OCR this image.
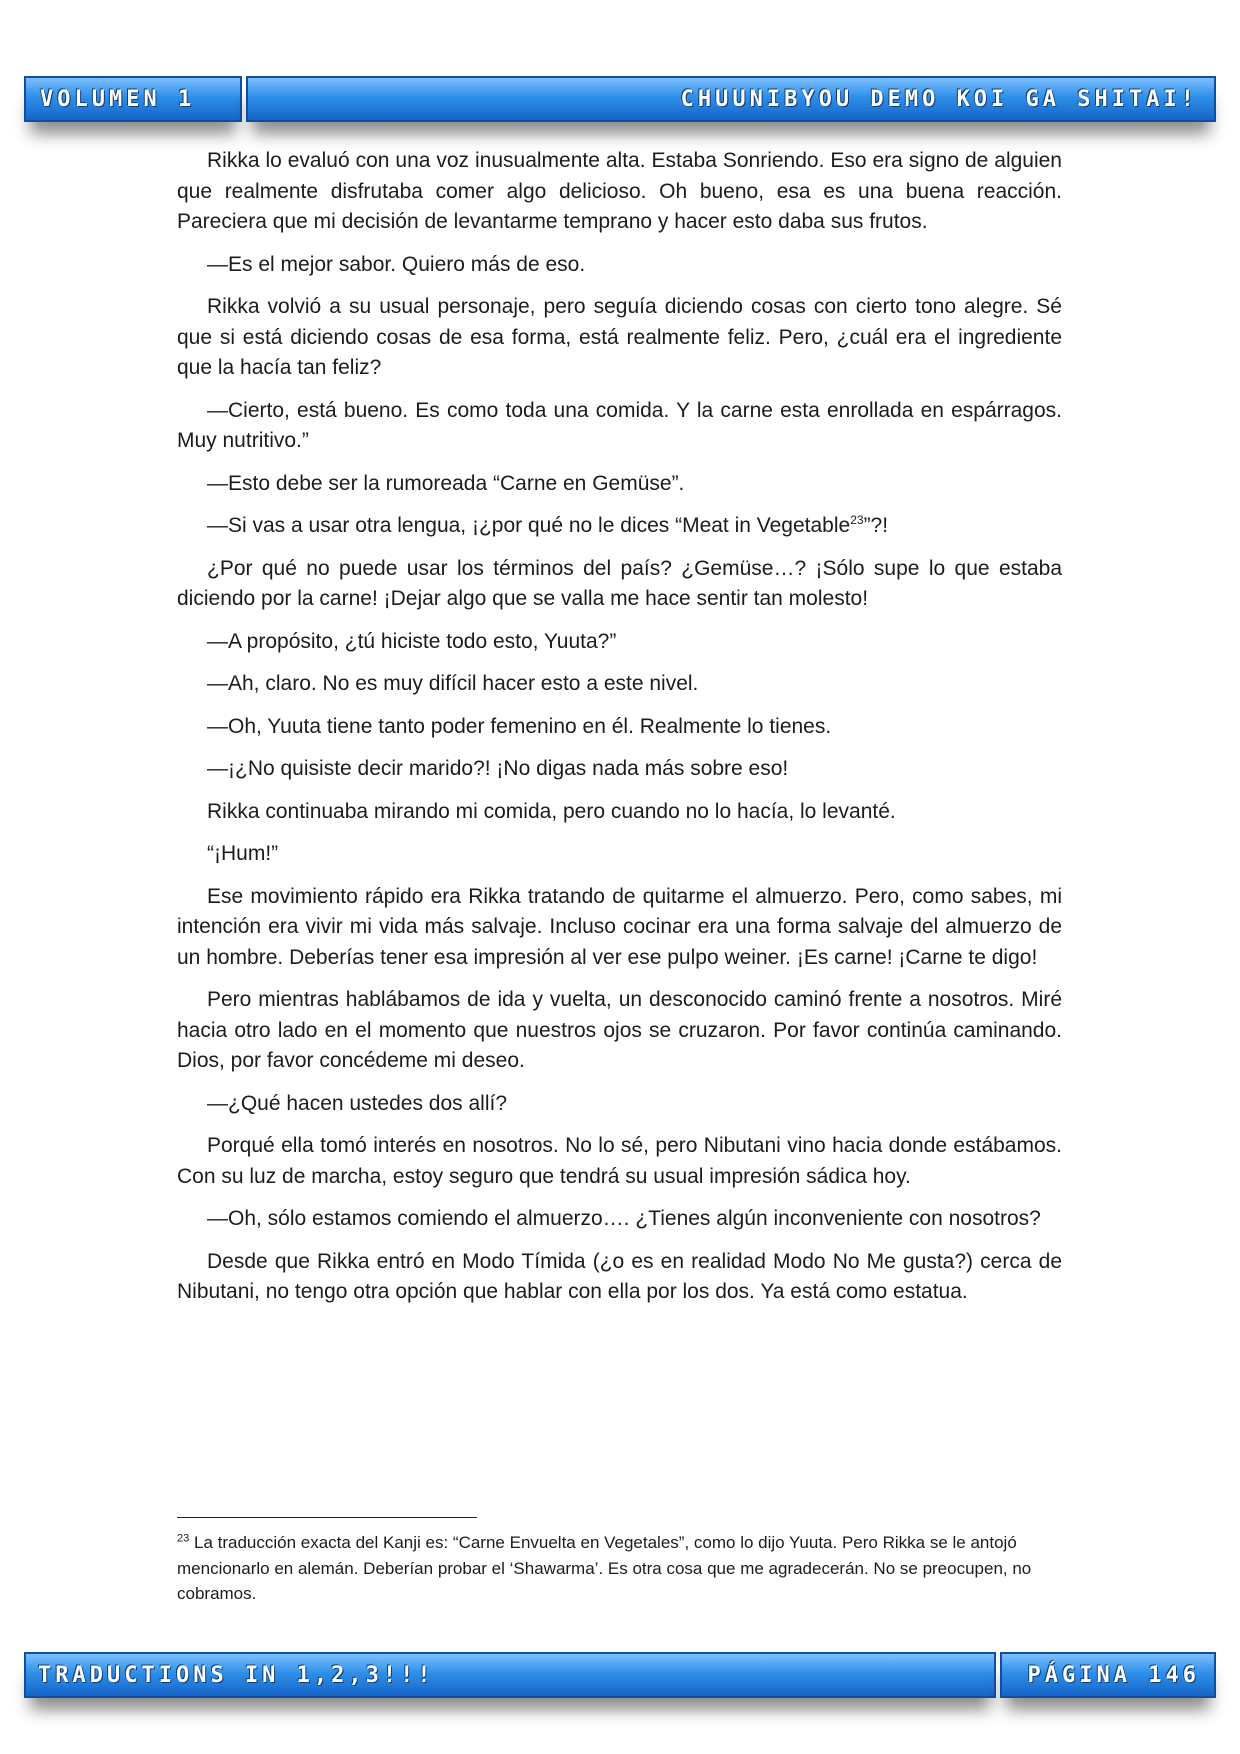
VOLUMEN 1	CHUUNIBYOU DEMO KOI GA SHITAI!

Rikka lo evaluó con una voz inusualmente alta. Estaba Sonriendo. Eso era signo de alguien que realmente disfrutaba comer algo delicioso. Oh bueno, esa es una buena reacción. Pareciera que mi decisión de levantarme temprano y hacer esto daba sus frutos.

—Es el mejor sabor. Quiero más de eso.

Rikka volvió a su usual personaje, pero seguía diciendo cosas con cierto tono alegre. Sé que si está diciendo cosas de esa forma, está realmente feliz. Pero, ¿cuál era el ingrediente que la hacía tan feliz?

—Cierto, está bueno. Es como toda una comida. Y la carne esta enrollada en espárragos. Muy nutritivo.”

—Esto debe ser la rumoreada “Carne en Gemüse”.

—Si vas a usar otra lengua, ¡¿por qué no le dices “Meat in Vegetable$^{23}$”?!

¿Por qué no puede usar los términos del país? ¿Gemüse…? ¡Sólo supe lo que estaba diciendo por la carne! ¡Dejar algo que se valla me hace sentir tan molesto!

—A propósito, ¿tú hiciste todo esto, Yuuta?”

—Ah, claro. No es muy difícil hacer esto a este nivel.

—Oh, Yuuta tiene tanto poder femenino en él. Realmente lo tienes.

—¡¿No quisiste decir marido?! ¡No digas nada más sobre eso!

Rikka continuaba mirando mi comida, pero cuando no lo hacía, lo levanté.

“¡Hum!”

Ese movimiento rápido era Rikka tratando de quitarme el almuerzo. Pero, como sabes, mi intención era vivir mi vida más salvaje. Incluso cocinar era una forma salvaje del almuerzo de un hombre. Deberías tener esa impresión al ver ese pulpo weiner. ¡Es carne! ¡Carne te digo!

Pero mientras hablábamos de ida y vuelta, un desconocido caminó frente a nosotros. Miré hacia otro lado en el momento que nuestros ojos se cruzaron. Por favor continúa caminando. Dios, por favor concédeme mi deseo.

—¿Qué hacen ustedes dos allí?

Porqué ella tomó interés en nosotros. No lo sé, pero Nibutani vino hacia donde estábamos. Con su luz de marcha, estoy seguro que tendrá su usual impresión sádica hoy.

—Oh, sólo estamos comiendo el almuerzo…. ¿Tienes algún inconveniente con nosotros?

Desde que Rikka entró en Modo Tímida (¿o es en realidad Modo No Me gusta?) cerca de Nibutani, no tengo otra opción que hablar con ella por los dos. Ya está como estatua.

$^{23}$ La traducción exacta del Kanji es: “Carne Envuelta en Vegetales”, como lo dijo Yuuta. Pero Rikka se le antojó mencionarlo en alemán. Deberían probar el ‘Shawarma’. Es otra cosa que me agradecerán. No se preocupen, no cobramos.

TRADUCTIONS IN 1,2,3!!!	PÁGINA 146
